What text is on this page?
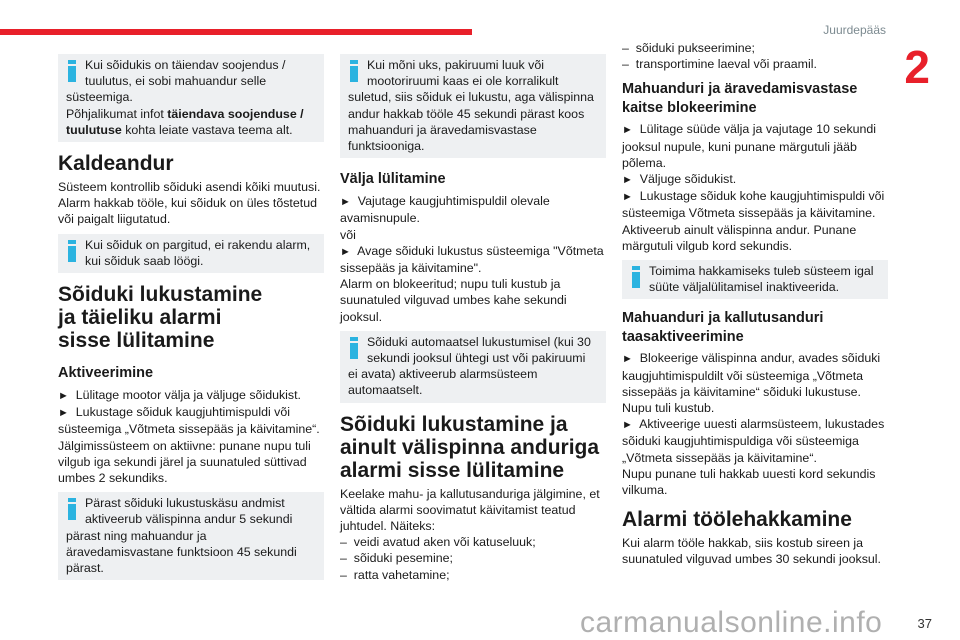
Juurdepääs
2
Kui sõidukis on täiendav soojendus / tuulutus, ei sobi mahuandur selle süsteemiga.
Põhjalikumat infot täiendava soojenduse / tuulutuse kohta leiate vastava teema alt.
Kaldeandur

Süsteem kontrollib sõiduki asendi kõiki muutusi. Alarm hakkab tööle, kui sõiduk on üles tõstetud või paigalt liigutatud.

Kui sõiduk on pargitud, ei rakendu alarm, kui sõiduk saab löögi.
Sõiduki lukustamine ja täieliku alarmi sisse lülitamine
Aktiveerimine
► Lülitage mootor välja ja väljuge sõidukist.
► Lukustage sõiduk kaugjuhtimispuldi või süsteemiga „Võtmeta sissepääs ja käivitamine“.

Jälgimissüsteem on aktiivne: punane nupu tuli vilgub iga sekundi järel ja suunatuled süttivad umbes 2 sekundiks.

Pärast sõiduki lukustuskäsu andmist aktiveerub välispinna andur 5 sekundi pärast ning mahuandur ja äravedamisvastane funktsioon 45 sekundi pärast.
Kui mõni uks, pakiruumi luuk või mootoriruumi kaas ei ole korralikult suletud, siis sõiduk ei lukustu, aga välispinna andur hakkab tööle 45 sekundi pärast koos mahuanduri ja äravedamisvastase funktsiooniga.
Välja lülitamine
► Vajutage kaugjuhtimispuldil olevale avamisnupule.
või
► Avage sõiduki lukustus süsteemiga "Võtmeta sissepääs ja käivitamine".

Alarm on blokeeritud; nupu tuli kustub ja suunatuled vilguvad umbes kahe sekundi jooksul.

Sõiduki automaatsel lukustumisel (kui 30 sekundi jooksul ühtegi ust või pakiruumi ei avata) aktiveerub alarmsüsteem automaatselt.
Sõiduki lukustamine ja ainult välispinna anduriga alarmi sisse lülitamine
Keelake mahu- ja kallutusanduriga jälgimine, et vältida alarmi soovimatut käivitamist teatud juhtudel. Näiteks:
– veidi avatud aken või katuseluuk;
– sõiduki pesemine;
– ratta vahetamine;
– sõiduki pukseerimine;
– transportimine laeval või praamil.
Mahuanduri ja äravedamisvastase kaitse blokeerimine
► Lülitage süüde välja ja vajutage 10 sekundi jooksul nupule, kuni punane märgutuli jääb põlema.
► Väljuge sõidukist.
► Lukustage sõiduk kohe kaugjuhtimispuldi või süsteemiga Võtmeta sissepääs ja käivitamine.

Aktiveerub ainult välispinna andur. Punane märgutuli vilgub kord sekundis.

Toimima hakkamiseks tuleb süsteem igal süüte väljalülitamisel inaktiveerida.
Mahuanduri ja kallutusanduri taasaktiveerimine
► Blokeerige välispinna andur, avades sõiduki kaugjuhtimispuldilt või süsteemiga „Võtmeta sissepääs ja käivitamine“ sõiduki lukustuse.
Nupu tuli kustub.
► Aktiveerige uuesti alarmsüsteem, lukustades sõiduki kaugjuhtimispuldiga või süsteemiga „Võtmeta sissepääs ja käivitamine“.

Nupu punane tuli hakkab uuesti kord sekundis vilkuma.

Alarmi töölehakkamine

Kui alarm tööle hakkab, siis kostub sireen ja suunatuled vilguvad umbes 30 sekundi jooksul.

carmanualsonline.info	37
